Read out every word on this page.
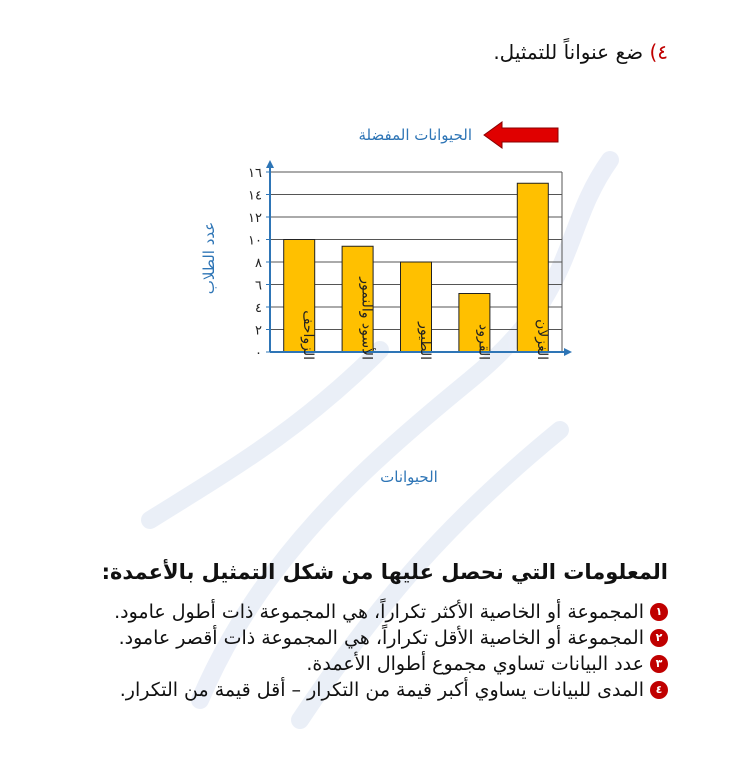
٤) ضع عنواناً للتمثيل.
الحيوانات المفضلة
٠
٢
٤
٦
٨
١٠
١٢
١٤
١٦
الزواحف	الأسود والنمور	الطيور	القرود	الغزلان
عدد الطلاب
الحيوانات
المعلومات التي نحصل عليها من شكل التمثيل بالأعمدة:
١
المجموعة أو الخاصية الأكثر تكراراً، هي المجموعة ذات أطول عامود.
٢
المجموعة أو الخاصية الأقل تكراراً، هي المجموعة ذات أقصر عامود.
٣
عدد البيانات تساوي مجموع أطوال الأعمدة.
٤
المدى للبيانات يساوي أكبر قيمة من التكرار – أقل قيمة من التكرار.
